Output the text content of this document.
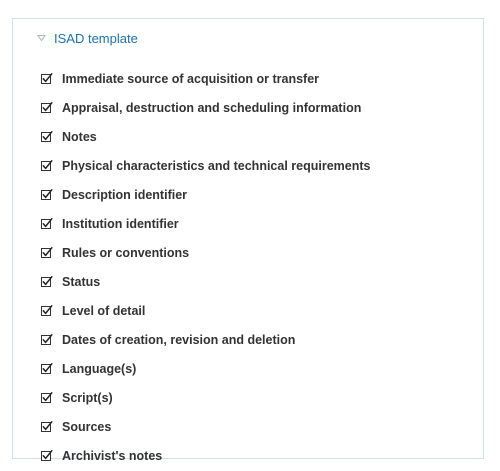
ISAD template
Immediate source of acquisition or transfer
Appraisal, destruction and scheduling information
Notes
Physical characteristics and technical requirements
Description identifier
Institution identifier
Rules or conventions
Status
Level of detail
Dates of creation, revision and deletion
Language(s)
Script(s)
Sources
Archivist's notes
